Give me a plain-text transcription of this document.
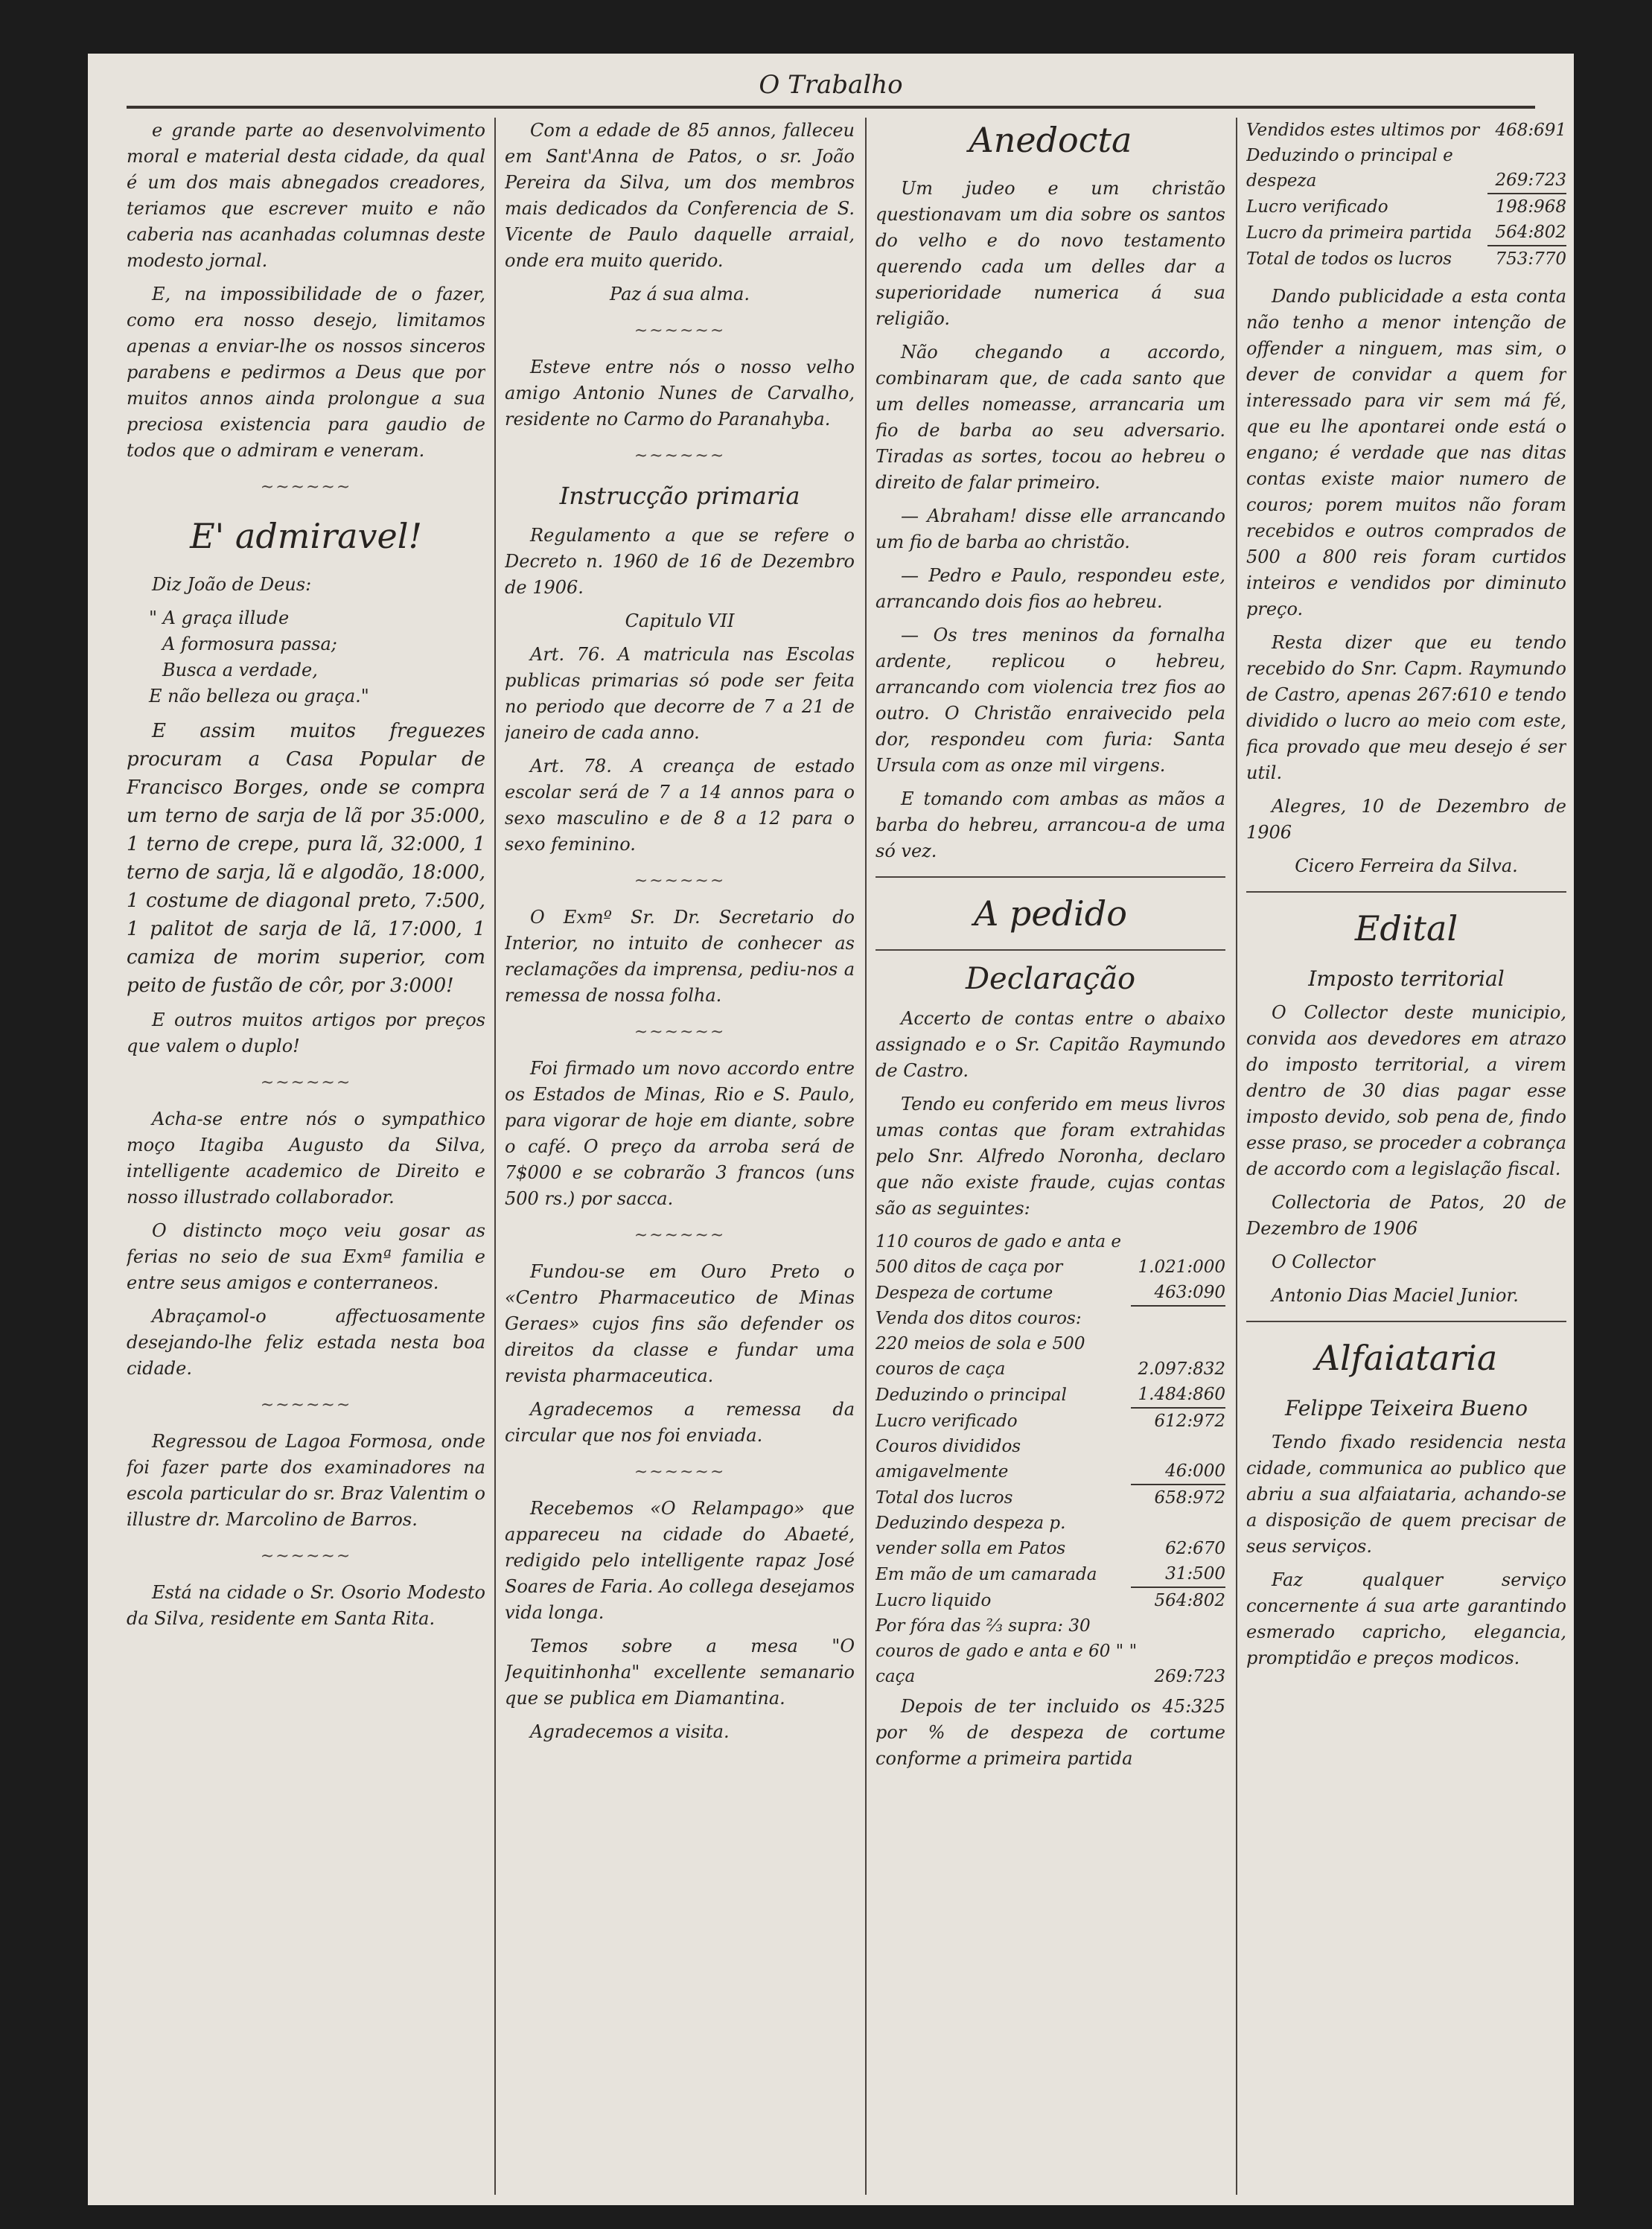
O Trabalho

e grande parte ao desenvolvimento moral e material desta cidade, da qual é um dos mais abnegados creadores, teriamos que escrever muito e não caberia nas acanhadas columnas deste modesto jornal.

E, na impossibilidade de o fazer, como era nosso desejo, limitamos apenas a enviar-lhe os nossos sinceros parabens e pedirmos a Deus que por muitos annos ainda prolongue a sua preciosa existencia para gaudio de todos que o admiram e veneram.

~~~~~~
E' admiravel!

Diz João de Deus:

" A graça illude
A formosura passa;
Busca a verdade,
E não belleza ou graça."

E assim muitos freguezes procuram a Casa Popular de Francisco Borges, onde se compra um terno de sarja de lã por 35:000, 1 terno de crepe, pura lã, 32:000, 1 terno de sarja, lã e algodão, 18:000, 1 costume de diagonal preto, 7:500, 1 palitot de sarja de lã, 17:000, 1 camiza de morim superior, com peito de fustão de côr, por 3:000!

E outros muitos artigos por preços que valem o duplo!

~~~~~~

Acha-se entre nós o sympathico moço Itagiba Augusto da Silva, intelligente academico de Direito e nosso illustrado collaborador.

O distincto moço veiu gosar as ferias no seio de sua Exmª familia e entre seus amigos e conterraneos.

Abraçamol-o affectuosamente desejando-lhe feliz estada nesta boa cidade.

~~~~~~

Regressou de Lagoa Formosa, onde foi fazer parte dos examinadores na escola particular do sr. Braz Valentim o illustre dr. Marcolino de Barros.

~~~~~~

Está na cidade o Sr. Osorio Modesto da Silva, residente em Santa Rita.

Com a edade de 85 annos, falleceu em Sant'Anna de Patos, o sr. João Pereira da Silva, um dos membros mais dedicados da Conferencia de S. Vicente de Paulo daquelle arraial, onde era muito querido.

Paz á sua alma.
~~~~~~

Esteve entre nós o nosso velho amigo Antonio Nunes de Carvalho, residente no Carmo do Paranahyba.

~~~~~~
Instrucção primaria

Regulamento a que se refere o Decreto n. 1960 de 16 de Dezembro de 1906.

Capitulo VII

Art. 76. A matricula nas Escolas publicas primarias só pode ser feita no periodo que decorre de 7 a 21 de janeiro de cada anno.

Art. 78. A creança de estado escolar será de 7 a 14 annos para o sexo masculino e de 8 a 12 para o sexo feminino.

~~~~~~

O Exmº Sr. Dr. Secretario do Interior, no intuito de conhecer as reclamações da imprensa, pediu-nos a remessa de nossa folha.

~~~~~~

Foi firmado um novo accordo entre os Estados de Minas, Rio e S. Paulo, para vigorar de hoje em diante, sobre o café. O preço da arroba será de 7$000 e se cobrarão 3 francos (uns 500 rs.) por sacca.

~~~~~~

Fundou-se em Ouro Preto o «Centro Pharmaceutico de Minas Geraes» cujos fins são defender os direitos da classe e fundar uma revista pharmaceutica.

Agradecemos a remessa da circular que nos foi enviada.

~~~~~~

Recebemos «O Relampago» que appareceu na cidade do Abaeté, redigido pelo intelligente rapaz José Soares de Faria. Ao collega desejamos vida longa.

Temos sobre a mesa "O Jequitinhonha" excellente semanario que se publica em Diamantina.

Agradecemos a visita.

Anedocta

Um judeo e um christão questionavam um dia sobre os santos do velho e do novo testamento querendo cada um delles dar a superioridade numerica á sua religião.

Não chegando a accordo, combinaram que, de cada santo que um delles nomeasse, arrancaria um fio de barba ao seu adversario. Tiradas as sortes, tocou ao hebreu o direito de falar primeiro.

— Abraham! disse elle arrancando um fio de barba ao christão.

— Pedro e Paulo, respondeu este, arrancando dois fios ao hebreu.

— Os tres meninos da fornalha ardente, replicou o hebreu, arrancando com violencia trez fios ao outro. O Christão enraivecido pela dor, respondeu com furia: Santa Ursula com as onze mil virgens.

E tomando com ambas as mãos a barba do hebreu, arrancou-a de uma só vez.

A pedido
Declaração

Accerto de contas entre o abaixo assignado e o Sr. Capitão Raymundo de Castro.

Tendo eu conferido em meus livros umas contas que foram extrahidas pelo Snr. Alfredo Noronha, declaro que não existe fraude, cujas contas são as seguintes:

110 couros de gado e anta e 500 ditos de caça por	1.021:000
Despeza de cortume	463:090
Venda dos ditos couros:	
220 meios de sola e 500 couros de caça	2.097:832
Deduzindo o principal	1.484:860
Lucro verificado	612:972
Couros divididos amigavelmente	46:000
Total dos lucros	658:972
Deduzindo despeza p. vender solla em Patos	62:670
Em mão de um camarada	31:500
Lucro liquido	564:802
Por fóra das ⅔ supra: 30 couros de gado e anta e 60 " " caça	269:723

Depois de ter incluido os 45:325 por % de despeza de cortume conforme a primeira partida

Vendidos estes ultimos por	468:691
Deduzindo o principal e despeza	269:723
Lucro verificado	198:968
Lucro da primeira partida	564:802
Total de todos os lucros	753:770

Dando publicidade a esta conta não tenho a menor intenção de offender a ninguem, mas sim, o dever de convidar a quem for interessado para vir sem má fé, que eu lhe apontarei onde está o engano; é verdade que nas ditas contas existe maior numero de couros; porem muitos não foram recebidos e outros comprados de 500 a 800 reis foram curtidos inteiros e vendidos por diminuto preço.

Resta dizer que eu tendo recebido do Snr. Capm. Raymundo de Castro, apenas 267:610 e tendo dividido o lucro ao meio com este, fica provado que meu desejo é ser util.

Alegres, 10 de Dezembro de 1906

Cicero Ferreira da Silva.
Edital
Imposto territorial

O Collector deste municipio, convida aos devedores em atrazo do imposto territorial, a virem dentro de 30 dias pagar esse imposto devido, sob pena de, findo esse praso, se proceder a cobrança de accordo com a legislação fiscal.

Collectoria de Patos, 20 de Dezembro de 1906

O Collector

Antonio Dias Maciel Junior.

Alfaiataria
Felippe Teixeira Bueno

Tendo fixado residencia nesta cidade, communica ao publico que abriu a sua alfaiataria, achando-se a disposição de quem precisar de seus serviços.

Faz qualquer serviço concernente á sua arte garantindo esmerado capricho, elegancia, promptidão e preços modicos.
